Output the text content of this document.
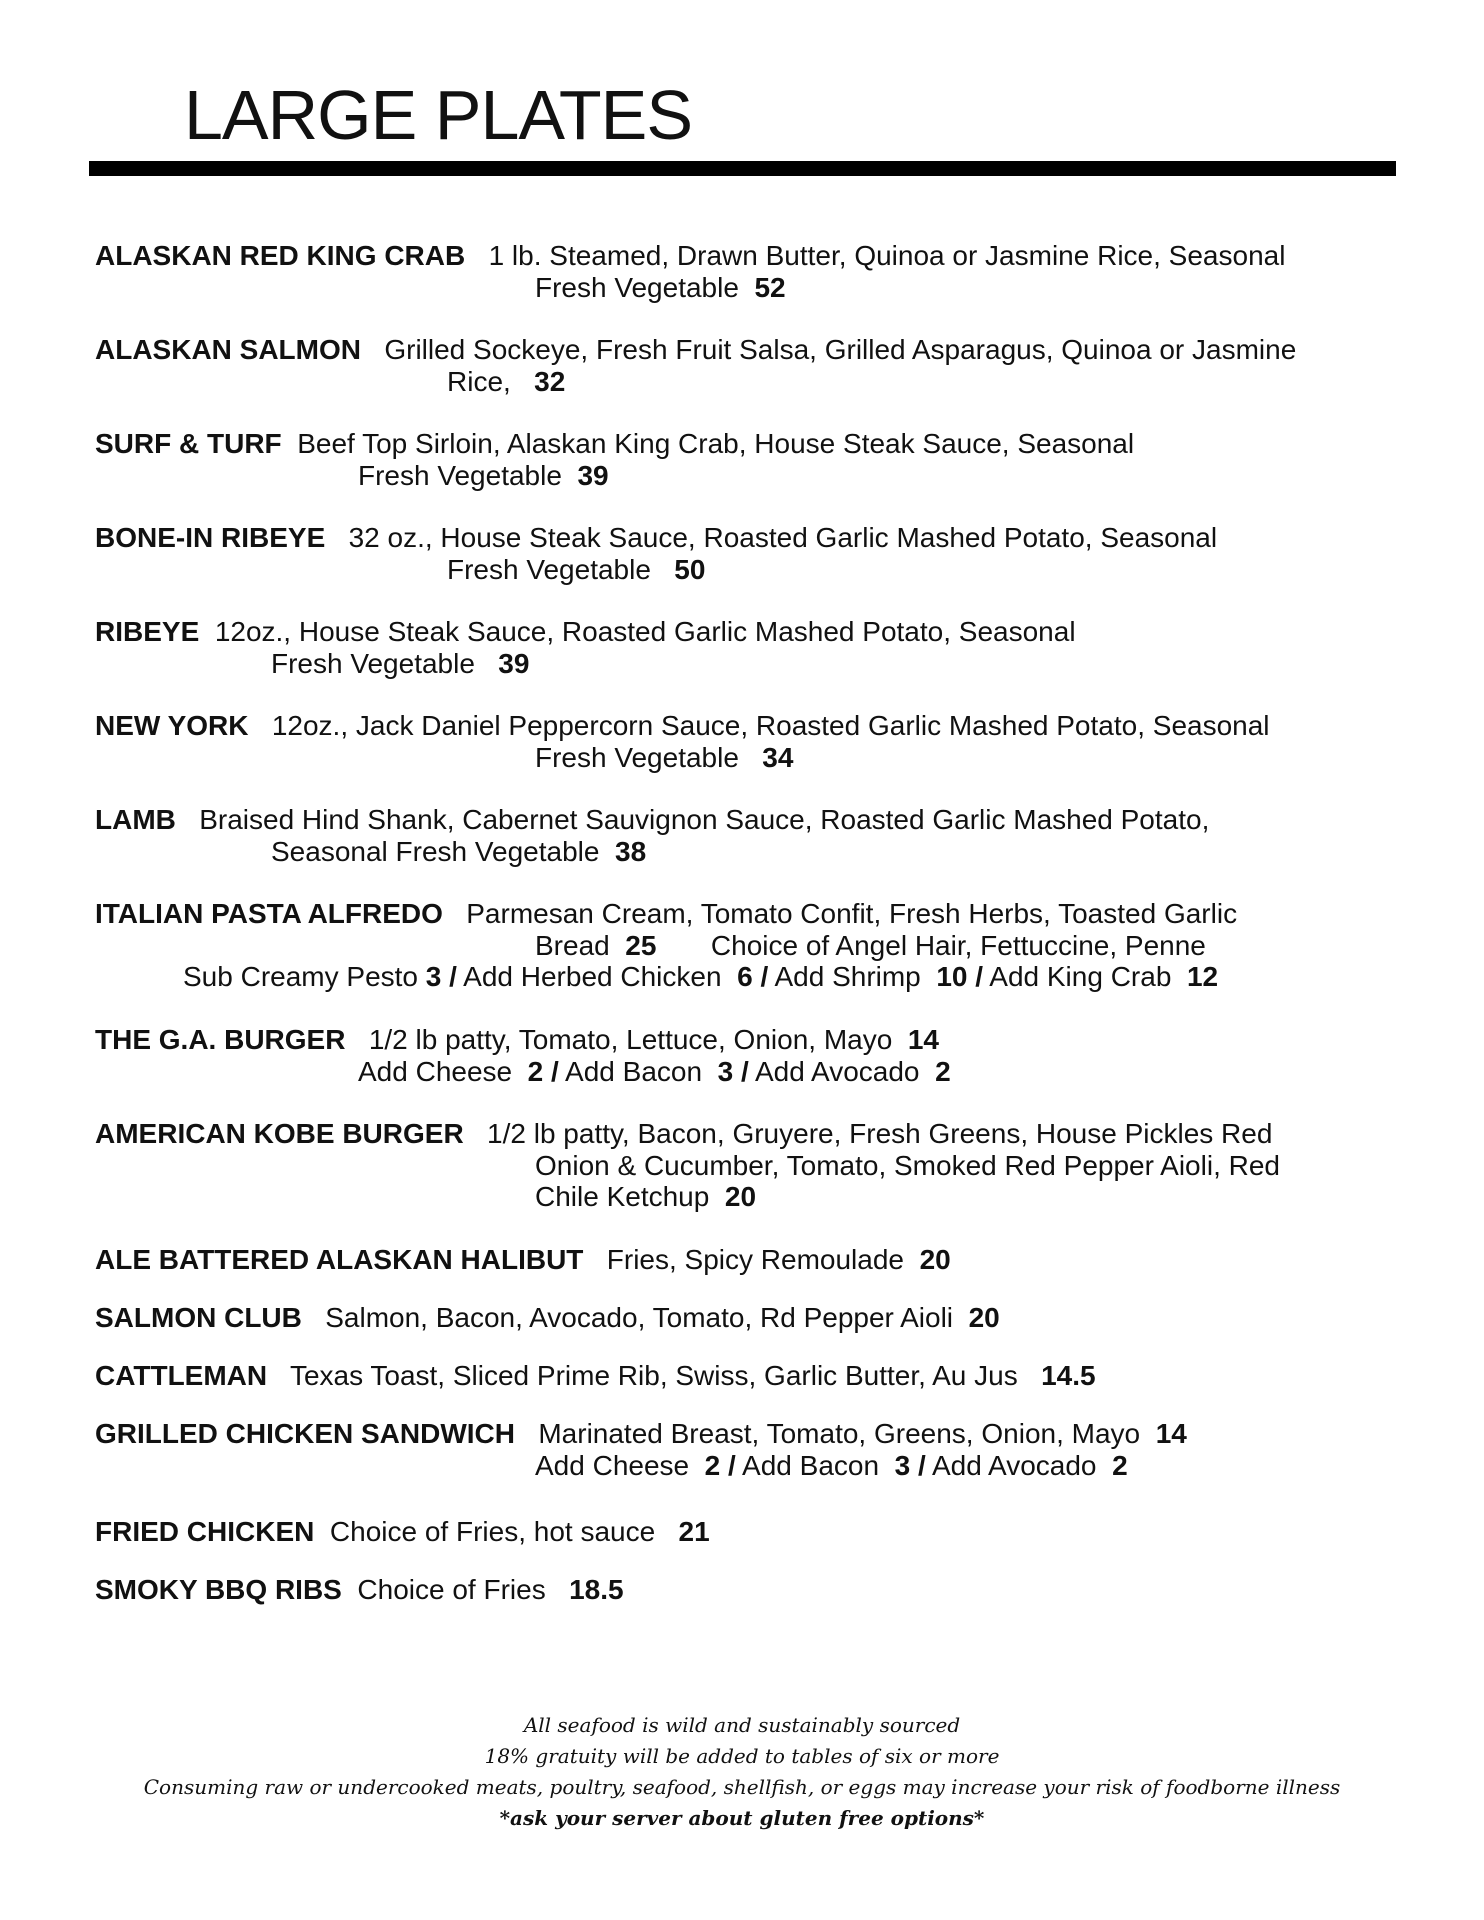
LARGE PLATES
ALASKAN RED KING CRAB 1 lb. Steamed, Drawn Butter, Quinoa or Jasmine Rice, Seasonal
Fresh Vegetable 52
ALASKAN SALMON Grilled Sockeye, Fresh Fruit Salsa, Grilled Asparagus, Quinoa or Jasmine
Rice, 32
SURF & TURF Beef Top Sirloin, Alaskan King Crab, House Steak Sauce, Seasonal
Fresh Vegetable 39
BONE-IN RIBEYE 32 oz., House Steak Sauce, Roasted Garlic Mashed Potato, Seasonal
Fresh Vegetable 50
RIBEYE 12oz., House Steak Sauce, Roasted Garlic Mashed Potato, Seasonal
Fresh Vegetable 39
NEW YORK 12oz., Jack Daniel Peppercorn Sauce, Roasted Garlic Mashed Potato, Seasonal
Fresh Vegetable 34
LAMB Braised Hind Shank, Cabernet Sauvignon Sauce, Roasted Garlic Mashed Potato,
Seasonal Fresh Vegetable 38
ITALIAN PASTA ALFREDO Parmesan Cream, Tomato Confit, Fresh Herbs, Toasted Garlic
Bread 25 Choice of Angel Hair, Fettuccine, Penne
Sub Creamy Pesto 3 / Add Herbed Chicken 6 / Add Shrimp 10 / Add King Crab 12
THE G.A. BURGER 1/2 lb patty, Tomato, Lettuce, Onion, Mayo 14
Add Cheese 2 / Add Bacon 3 / Add Avocado 2
AMERICAN KOBE BURGER 1/2 lb patty, Bacon, Gruyere, Fresh Greens, House Pickles Red
Onion & Cucumber, Tomato, Smoked Red Pepper Aioli, Red
Chile Ketchup 20
ALE BATTERED ALASKAN HALIBUT Fries, Spicy Remoulade 20
SALMON CLUB Salmon, Bacon, Avocado, Tomato, Rd Pepper Aioli 20
CATTLEMAN Texas Toast, Sliced Prime Rib, Swiss, Garlic Butter, Au Jus 14.5
GRILLED CHICKEN SANDWICH Marinated Breast, Tomato, Greens, Onion, Mayo 14
Add Cheese 2 / Add Bacon 3 / Add Avocado 2
FRIED CHICKEN Choice of Fries, hot sauce 21
SMOKY BBQ RIBS Choice of Fries 18.5
All seafood is wild and sustainably sourced
18% gratuity will be added to tables of six or more
Consuming raw or undercooked meats, poultry, seafood, shellfish, or eggs may increase your risk of foodborne illness
*ask your server about gluten free options*
